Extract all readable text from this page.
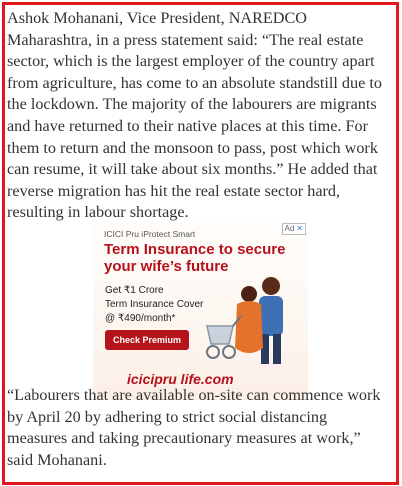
Ashok Mohanani, Vice President, NAREDCO Maharashtra, in a press statement said: “The real estate sector, which is the largest employer of the country apart from agriculture, has come to an absolute standstill due to the lockdown. The majority of the labourers are migrants and have returned to their native places at this time. For them to return and the monsoon to pass, post which work can resume, it will take about six months.” He added that reverse migration has hit the real estate sector hard, resulting in labour shortage.

Ad ✕
ICICI Pru iProtect Smart
Term Insurance to secure your wife’s future
Get ₹1 Crore
Term Insurance Cover
@ ₹490/month*
Check Premium
icicipru life.com

“Labourers that are available on-site can commence work by April 20 by adhering to strict social distancing measures and taking precautionary measures at work,” said Mohanani.
